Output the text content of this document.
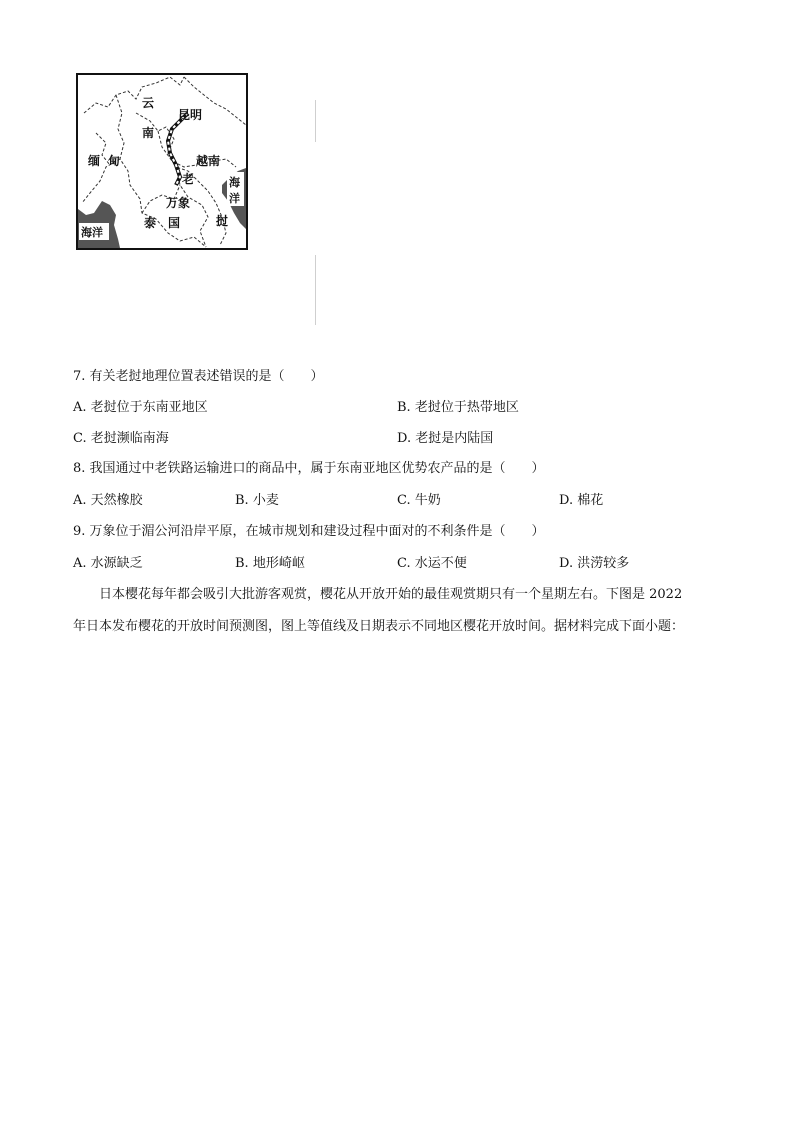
云
南
昆明
缅 甸	越南
老
挝
万象
泰 国
海
洋
海洋
7. 有关老挝地理位置表述错误的是（　　）
A. 老挝位于东南亚地区	B. 老挝位于热带地区
C. 老挝濒临南海	D. 老挝是内陆国
8. 我国通过中老铁路运输进口的商品中，属于东南亚地区优势农产品的是（　　）
A. 天然橡胶	B. 小麦	C. 牛奶	D. 棉花
9. 万象位于湄公河沿岸平原，在城市规划和建设过程中面对的不利条件是（　　）
A. 水源缺乏	B. 地形崎岖	C. 水运不便	D. 洪涝较多
日本樱花每年都会吸引大批游客观赏，樱花从开放开始的最佳观赏期只有一个星期左右。下图是 2022
年日本发布樱花的开放时间预测图，图上等值线及日期表示不同地区樱花开放时间。据材料完成下面小题：
